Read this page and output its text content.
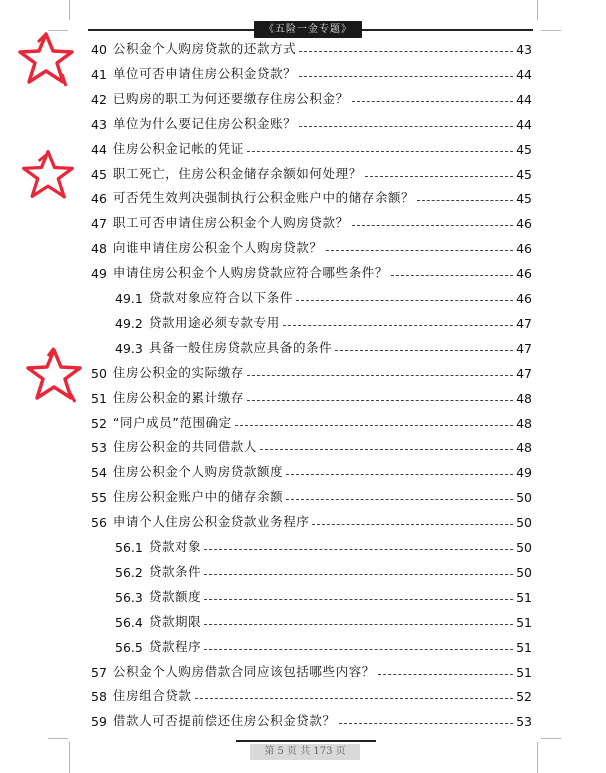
《五险一金专题》
40 公积金个人购房贷款的还款方式	43
41 单位可否申请住房公积金贷款？	44
42 已购房的职工为何还要缴存住房公积金？	44
43 单位为什么要记住房公积金账？	44
44 住房公积金记帐的凭证	45
45 职工死亡，住房公积金储存余额如何处理？	45
46 可否凭生效判决强制执行公积金账户中的储存余额？	45
47 职工可否申请住房公积金个人购房贷款？	46
48 向谁申请住房公积金个人购房贷款？	46
49 申请住房公积金个人购房贷款应符合哪些条件？	46
49.1 贷款对象应符合以下条件	46
49.2 贷款用途必须专款专用	47
49.3 具备一般住房贷款应具备的条件	47
50 住房公积金的实际缴存	47
51 住房公积金的累计缴存	48
52 “同户成员”范围确定	48
53 住房公积金的共同借款人	48
54 住房公积金个人购房贷款额度	49
55 住房公积金账户中的储存余额	50
56 申请个人住房公积金贷款业务程序	50
56.1 贷款对象	50
56.2 贷款条件	50
56.3 贷款额度	51
56.4 贷款期限	51
56.5 贷款程序	51
57 公积金个人购房借款合同应该包括哪些内容？	51
58 住房组合贷款	52
59 借款人可否提前偿还住房公积金贷款？	53
第 5 页 共 173 页
